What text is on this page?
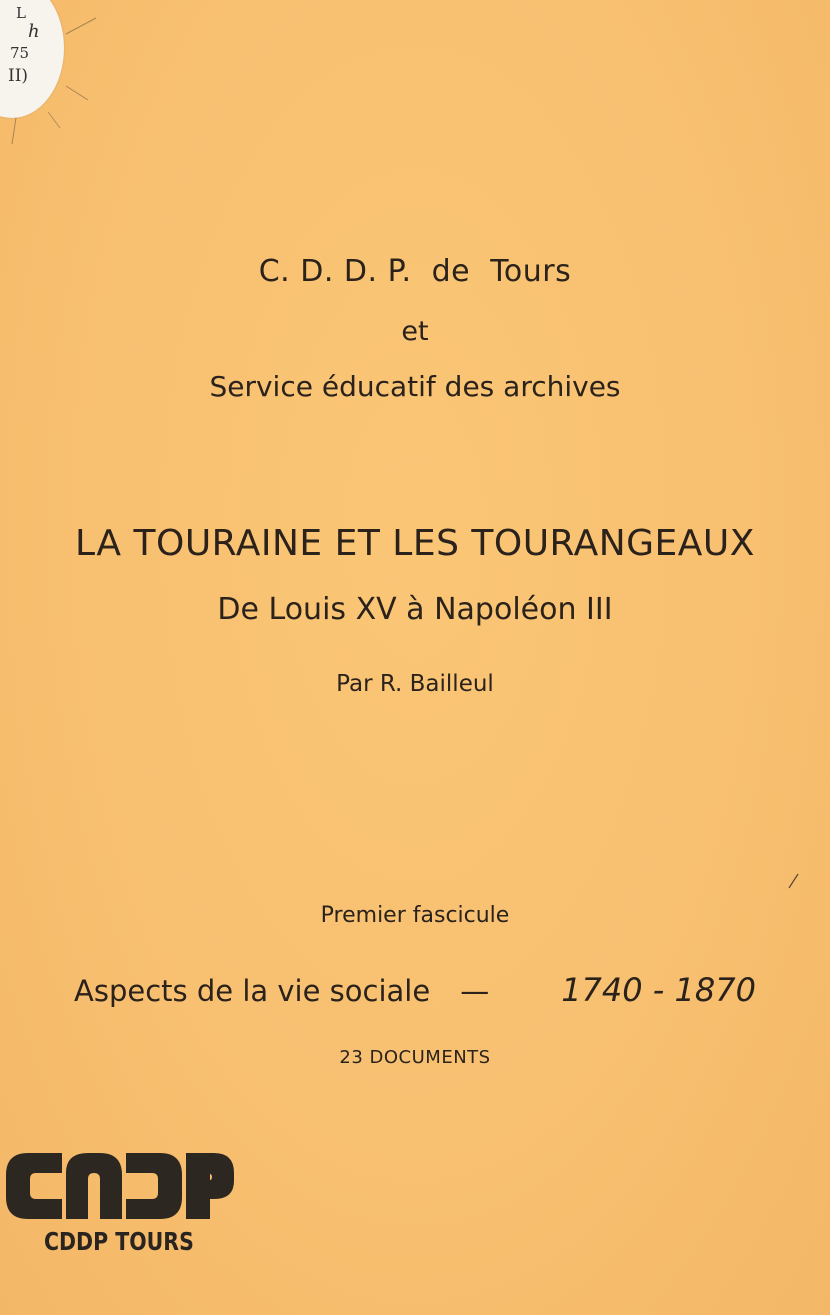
L
h
75
II)
C. D. D. P.  de  Tours
et
Service éducatif des archives
LA TOURAINE ET LES TOURANGEAUX
De Louis XV à Napoléon III
Par R. Bailleul
Premier fascicule
Aspects de la vie sociale — 1740 - 1870
23 DOCUMENTS
CDDP TOURS
